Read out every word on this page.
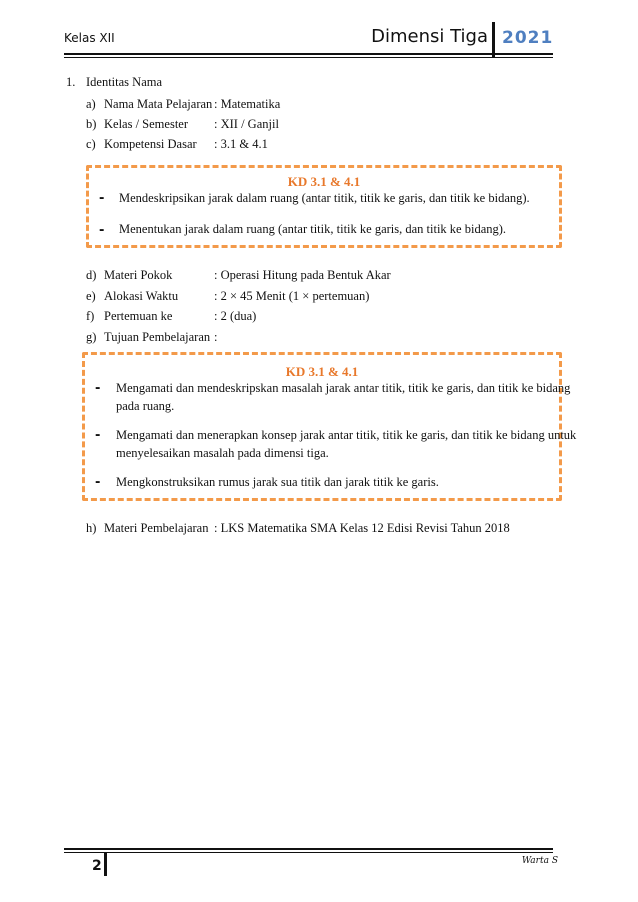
Kelas XII	Dimensi Tiga 2021
1. Identitas Nama
a) Nama Mata Pelajaran : Matematika
b) Kelas / Semester : XII / Ganjil
c) Kompetensi Dasar : 3.1 & 4.1
KD 3.1 & 4.1
- Mendeskripsikan jarak dalam ruang (antar titik, titik ke garis, dan titik ke bidang).
- Menentukan jarak dalam ruang (antar titik, titik ke garis, dan titik ke bidang).
d) Materi Pokok	: Operasi Hitung pada Bentuk Akar
e) Alokasi Waktu	: 2 × 45 Menit (1 × pertemuan)
f) Pertemuan ke	: 2 (dua)
g) Tujuan Pembelajaran :
KD 3.1 & 4.1
- Mengamati dan mendeskripskan masalah jarak antar titik, titik ke garis, dan titik ke bidang
pada ruang.
- Mengamati dan menerapkan konsep jarak antar titik, titik ke garis, dan titik ke bidang untuk
menyelesaikan masalah pada dimensi tiga.
- Mengkonstruksikan rumus jarak sua titik dan jarak titik ke garis.
h) Materi Pembelajaran : LKS Matematika SMA Kelas 12 Edisi Revisi Tahun 2018
2	Warta S
